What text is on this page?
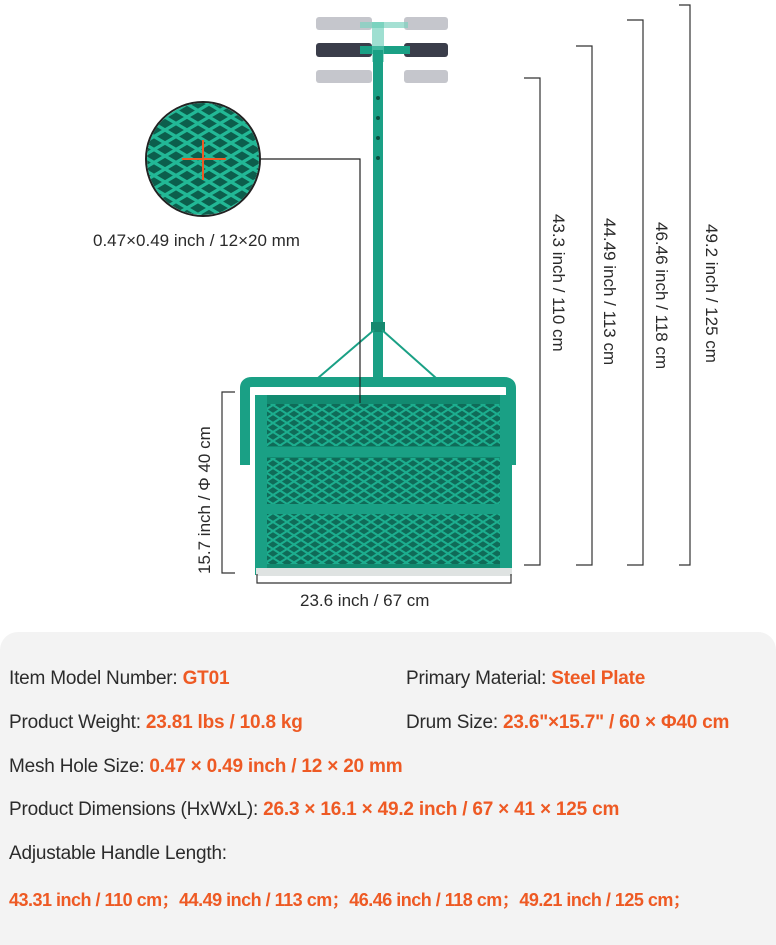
0.47×0.49 inch / 12×20 mm	43.3 inch / 110 cm 44.49 inch / 113 cm 46.46 inch / 118 cm 49.2 inch / 125 cm
15.7 inch / Φ 40 cm
23.6 inch / 67 cm
Item Model Number: GT01	Primary Material: Steel Plate
Product Weight: 23.81 lbs / 10.8 kg	Drum Size: 23.6"×15.7" / 60 × Φ40 cm
Mesh Hole Size: 0.47 × 0.49 inch / 12 × 20 mm
Product Dimensions (HxWxL): 26.3 × 16.1 × 49.2 inch / 67 × 41 × 125 cm
Adjustable Handle Length:
43.31 inch / 110 cm；44.49 inch / 113 cm；46.46 inch / 118 cm；49.21 inch / 125 cm；
